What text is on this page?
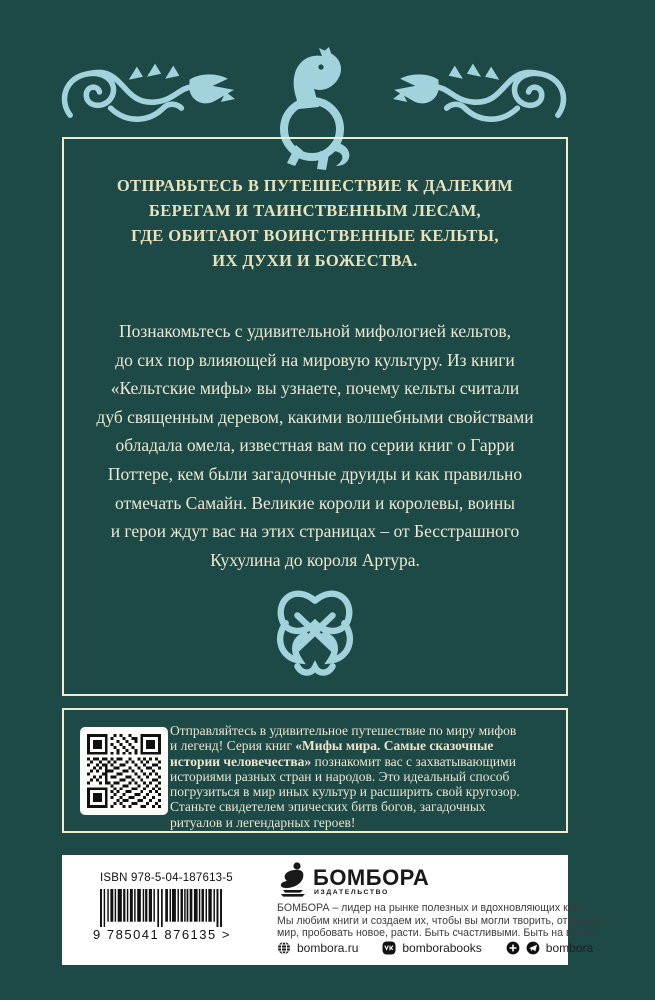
ОТПРАВЬТЕСЬ В ПУТЕШЕСТВИЕ К ДАЛЕКИМ
БЕРЕГАМ И ТАИНСТВЕННЫМ ЛЕСАМ,
ГДЕ ОБИТАЮТ ВОИНСТВЕННЫЕ КЕЛЬТЫ,
ИХ ДУХИ И БОЖЕСТВА.
Познакомьтесь с удивительной мифологией кельтов,
до сих пор влияющей на мировую культуру. Из книги
«Кельтские мифы» вы узнаете, почему кельты считали
дуб священным деревом, какими волшебными свойствами
обладала омела, известная вам по серии книг о Гарри
Поттере, кем были загадочные друиды и как правильно
отмечать Самайн. Великие короли и королевы, воины
и герои ждут вас на этих страницах – от Бесстрашного
Кухулина до короля Артура.
Отправляйтесь в удивительное путешествие по миру мифов
и легенд! Серия книг «Мифы мира. Самые сказочные
истории человечества» познакомит вас с захватывающими
историями разных стран и народов. Это идеальный способ
погрузиться в мир иных культур и расширить свой кругозор.
Станьте свидетелем эпических битв богов, загадочных
ритуалов и легендарных героев!
ISBN 978-5-04-187613-5
9 785041 876135 >
БОМБОРА
ИЗДАТЕЛЬСТВО
БОМБОРА – лидер на рынке полезных и вдохновляющих книг.
Мы любим книги и создаем их, чтобы вы могли творить, открывать
мир, пробовать новое, расти. Быть счастливыми. Быть на волне.
bombora.ru	bomborabooks	bombora
